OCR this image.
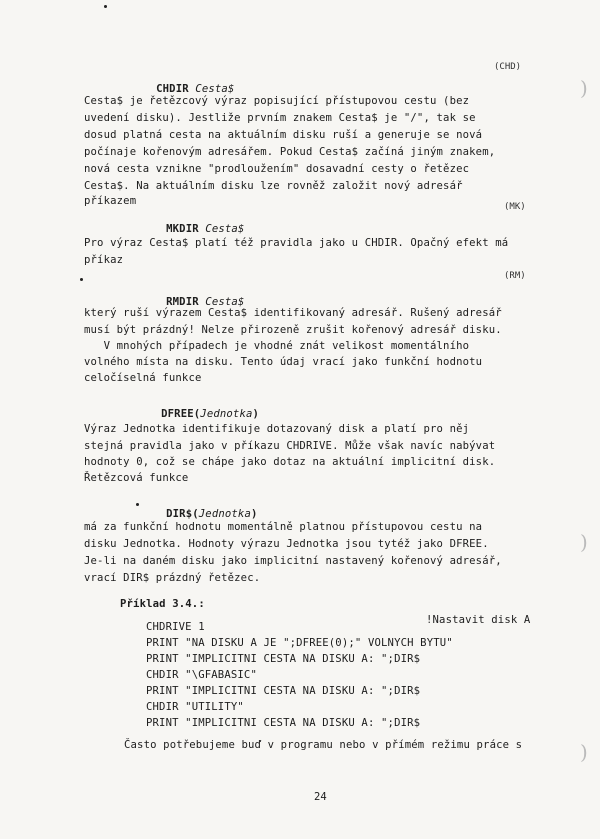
)
)
)
(CHD)

CHDIR Cesta$

Cesta$ je řetězcový výraz popisující přístupovou cestu (bez
uvedení disku). Jestliže prvním znakem Cesta$ je "/", tak se
dosud platná cesta na aktuálním disku ruší a generuje se nová
počínaje kořenovým adresářem. Pokud Cesta$ začíná jiným znakem,
nová cesta vznikne "prodloužením" dosavadní cesty o řetězec
Cesta$. Na aktuálním disku lze rovněž založit nový adresář
příkazem	(MK)

MKDIR Cesta$

Pro výraz Cesta$ platí též pravidla jako u CHDIR. Opačný efekt má
příkaz
(RM)

RMDIR Cesta$

který ruší výrazem Cesta$ identifikovaný adresář. Rušený adresář
musí být prázdný! Nelze přirozeně zrušit kořenový adresář disku.
V mnohých případech je vhodné znát velikost momentálního
volného místa na disku. Tento údaj vrací jako funkční hodnotu
celočíselná funkce

DFREE(Jednotka)

Výraz Jednotka identifikuje dotazovaný disk a platí pro něj
stejná pravidla jako v příkazu CHDRIVE. Může však navíc nabývat
hodnoty 0, což se chápe jako dotaz na aktuální implicitní disk.
Řetězcová funkce

DIR$(Jednotka)

má za funkční hodnotu momentálně platnou přístupovou cestu na
disku Jednotka. Hodnoty výrazu Jednotka jsou tytéž jako DFREE.
Je-li na daném disku jako implicitní nastavený kořenový adresář,
vrací DIR$ prázdný řetězec.
Příklad 3.4.:
!Nastavit disk A
CHDRIVE 1
PRINT "NA DISKU A JE ";DFREE(0);" VOLNYCH BYTU"
PRINT "IMPLICITNI CESTA NA DISKU A: ";DIR$
CHDIR "\GFABASIC"
PRINT "IMPLICITNI CESTA NA DISKU A: ";DIR$
CHDIR "UTILITY"
PRINT "IMPLICITNI CESTA NA DISKU A: ";DIR$
Často potřebujeme buď v programu nebo v přímém režimu práce s
24
